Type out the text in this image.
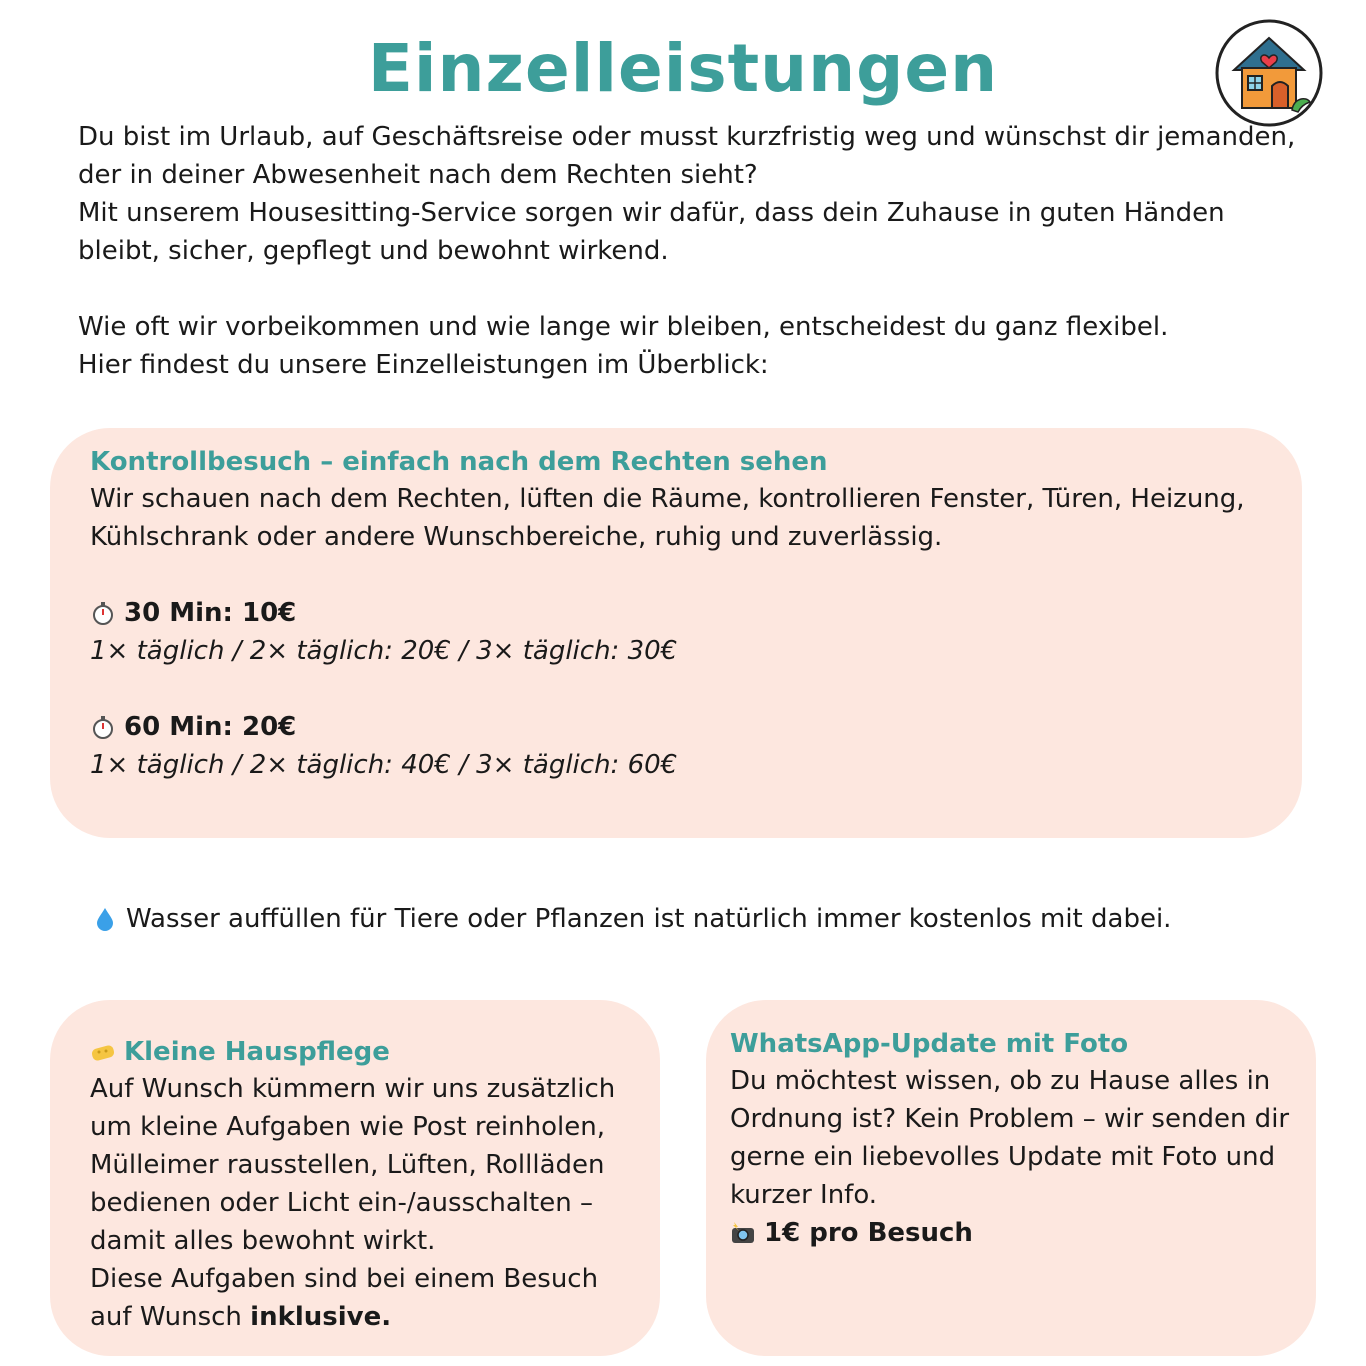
Einzelleistungen

Du bist im Urlaub, auf Geschäftsreise oder musst kurzfristig weg und wünschst dir jemanden, der in deiner Abwesenheit nach dem Rechten sieht?

Mit unserem Housesitting-Service sorgen wir dafür, dass dein Zuhause in guten Händen bleibt, sicher, gepflegt und bewohnt wirkend.

Wie oft wir vorbeikommen und wie lange wir bleiben, entscheidest du ganz flexibel.

Hier findest du unsere Einzelleistungen im Überblick:

Kontrollbesuch – einfach nach dem Rechten sehen

Wir schauen nach dem Rechten, lüften die Räume, kontrollieren Fenster, Türen, Heizung, Kühlschrank oder andere Wunschbereiche, ruhig und zuverlässig.

30 Min: 10€

1× täglich / 2× täglich: 20€ / 3× täglich: 30€

60 Min: 20€

1× täglich / 2× täglich: 40€ / 3× täglich: 60€

Wasser auffüllen für Tiere oder Pflanzen ist natürlich immer kostenlos mit dabei.

Kleine Hauspflege

Auf Wunsch kümmern wir uns zusätzlich um kleine Aufgaben wie Post reinholen, Mülleimer rausstellen, Lüften, Rollläden bedienen oder Licht ein-/ausschalten – damit alles bewohnt wirkt.

Diese Aufgaben sind bei einem Besuch auf Wunsch inklusive.

WhatsApp-Update mit Foto

Du möchtest wissen, ob zu Hause alles in Ordnung ist? Kein Problem – wir senden dir gerne ein liebevolles Update mit Foto und kurzer Info.

1€ pro Besuch
